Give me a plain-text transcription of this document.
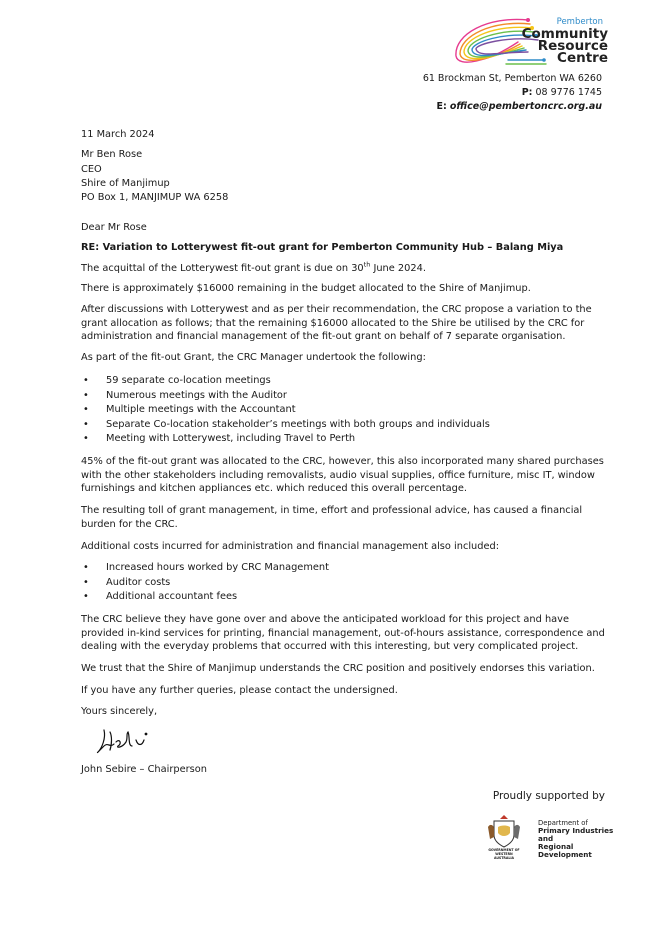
Pemberton
Community
Resource
Centre
61 Brockman St, Pemberton WA 6260
P: 08 9776 1745
E: office@pembertoncrc.org.au
11 March 2024
Mr Ben Rose
CEO
Shire of Manjimup
PO Box 1, MANJIMUP WA 6258
Dear Mr Rose
RE: Variation to Lotterywest fit-out grant for Pemberton Community Hub – Balang Miya
The acquittal of the Lotterywest fit-out grant is due on 30th June 2024.
There is approximately $16000 remaining in the budget allocated to the Shire of Manjimup.
After discussions with Lotterywest and as per their recommendation, the CRC propose a variation to the grant allocation as follows; that the remaining $16000 allocated to the Shire be utilised by the CRC for administration and financial management of the fit-out grant on behalf of 7 separate organisation.
As part of the fit-out Grant, the CRC Manager undertook the following:
• 59 separate co-location meetings
• Numerous meetings with the Auditor
• Multiple meetings with the Accountant
• Separate Co-location stakeholder’s meetings with both groups and individuals
• Meeting with Lotterywest, including Travel to Perth
45% of the fit-out grant was allocated to the CRC, however, this also incorporated many shared purchases with the other stakeholders including removalists, audio visual supplies, office furniture, misc IT, window furnishings and kitchen appliances etc. which reduced this overall percentage.
The resulting toll of grant management, in time, effort and professional advice, has caused a financial burden for the CRC.
Additional costs incurred for administration and financial management also included:
• Increased hours worked by CRC Management
• Auditor costs
• Additional accountant fees
The CRC believe they have gone over and above the anticipated workload for this project and have provided in-kind services for printing, financial management, out-of-hours assistance, correspondence and dealing with the everyday problems that occurred with this interesting, but very complicated project.
We trust that the Shire of Manjimup understands the CRC position and positively endorses this variation.
If you have any further queries, please contact the undersigned.
Yours sincerely,
John Sebire – Chairperson
Proudly supported by
GOVERNMENT OF
WESTERN AUSTRALIA
Department of
Primary Industries and
Regional Development
